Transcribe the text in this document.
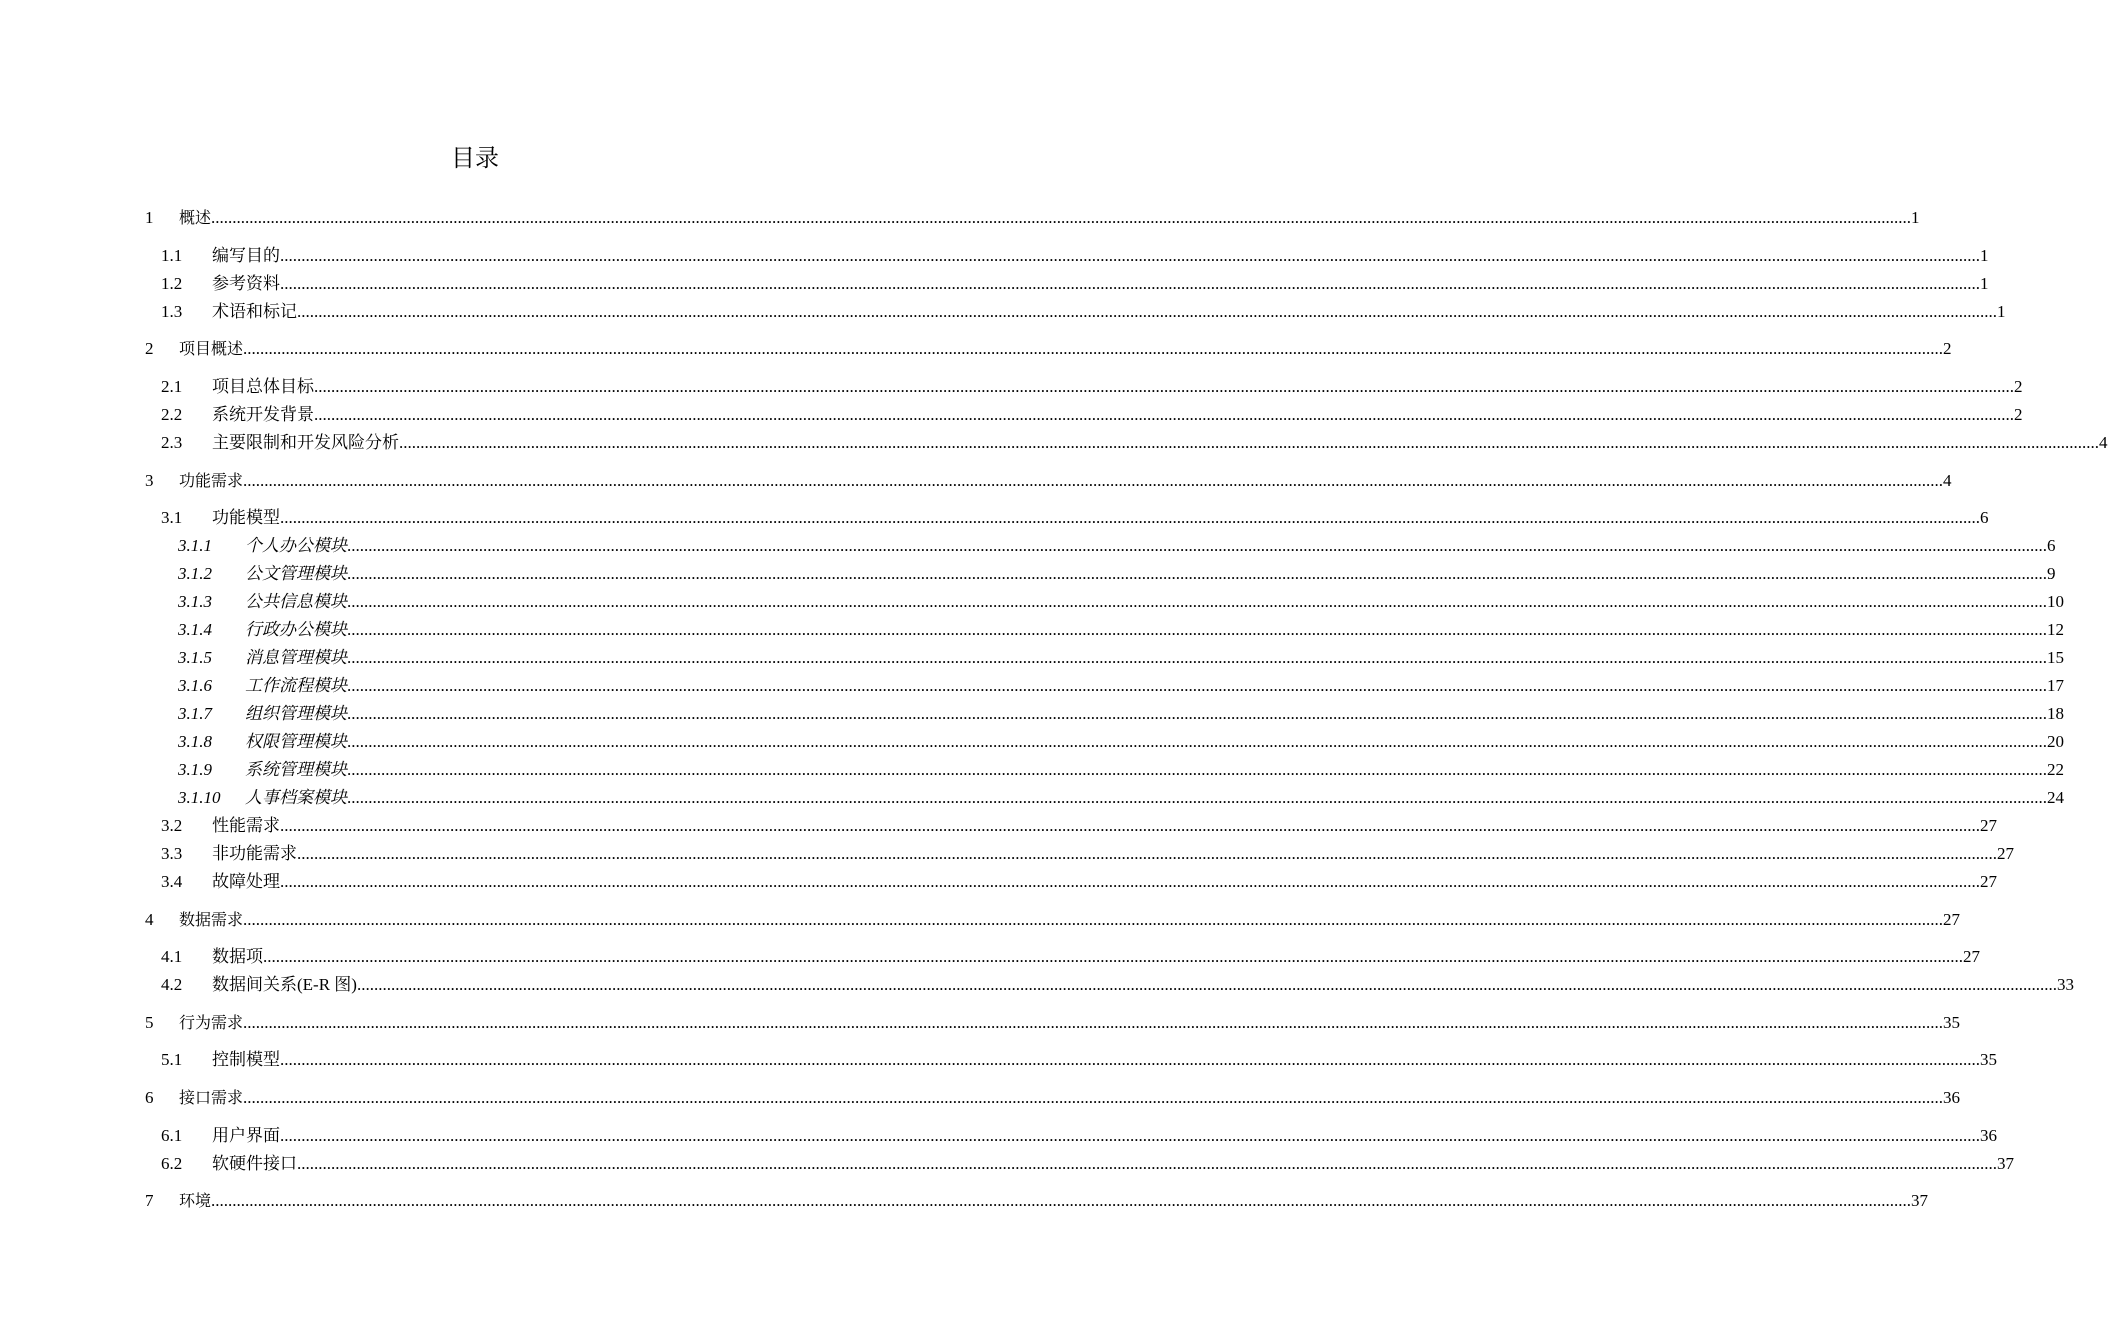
目录
1 概述 ................................................................................................................................................................................................................................................................................................................................................................................................................ 1
1.1 编写目的 ................................................................................................................................................................................................................................................................................................................................................................................................................ 1
1.2 参考资料 ................................................................................................................................................................................................................................................................................................................................................................................................................ 1
1.3 术语和标记 ................................................................................................................................................................................................................................................................................................................................................................................................................ 1
2 项目概述 ................................................................................................................................................................................................................................................................................................................................................................................................................ 2
2.1 项目总体目标 ................................................................................................................................................................................................................................................................................................................................................................................................................ 2
2.2 系统开发背景 ................................................................................................................................................................................................................................................................................................................................................................................................................ 2
2.3 主要限制和开发风险分析 ................................................................................................................................................................................................................................................................................................................................................................................................................ 4
3 功能需求 ................................................................................................................................................................................................................................................................................................................................................................................................................ 4
3.1 功能模型 ................................................................................................................................................................................................................................................................................................................................................................................................................ 6
3.1.1 个人办公模块 ................................................................................................................................................................................................................................................................................................................................................................................................................ 6
3.1.2 公文管理模块 ................................................................................................................................................................................................................................................................................................................................................................................................................ 9
3.1.3 公共信息模块 ................................................................................................................................................................................................................................................................................................................................................................................................................ 10
3.1.4 行政办公模块 ................................................................................................................................................................................................................................................................................................................................................................................................................ 12
3.1.5 消息管理模块 ................................................................................................................................................................................................................................................................................................................................................................................................................ 15
3.1.6 工作流程模块 ................................................................................................................................................................................................................................................................................................................................................................................................................ 17
3.1.7 组织管理模块 ................................................................................................................................................................................................................................................................................................................................................................................................................ 18
3.1.8 权限管理模块 ................................................................................................................................................................................................................................................................................................................................................................................................................ 20
3.1.9 系统管理模块 ................................................................................................................................................................................................................................................................................................................................................................................................................ 22
3.1.10 人事档案模块 ................................................................................................................................................................................................................................................................................................................................................................................................................ 24
3.2 性能需求 ................................................................................................................................................................................................................................................................................................................................................................................................................ 27
3.3 非功能需求 ................................................................................................................................................................................................................................................................................................................................................................................................................ 27
3.4 故障处理 ................................................................................................................................................................................................................................................................................................................................................................................................................ 27
4 数据需求 ................................................................................................................................................................................................................................................................................................................................................................................................................ 27
4.1 数据项 ................................................................................................................................................................................................................................................................................................................................................................................................................ 27
4.2 数据间关系(E-R 图) ................................................................................................................................................................................................................................................................................................................................................................................................................ 33
5 行为需求 ................................................................................................................................................................................................................................................................................................................................................................................................................ 35
5.1 控制模型 ................................................................................................................................................................................................................................................................................................................................................................................................................ 35
6 接口需求 ................................................................................................................................................................................................................................................................................................................................................................................................................ 36
6.1 用户界面 ................................................................................................................................................................................................................................................................................................................................................................................................................ 36
6.2 软硬件接口 ................................................................................................................................................................................................................................................................................................................................................................................................................ 37
7 环境 ................................................................................................................................................................................................................................................................................................................................................................................................................ 37
